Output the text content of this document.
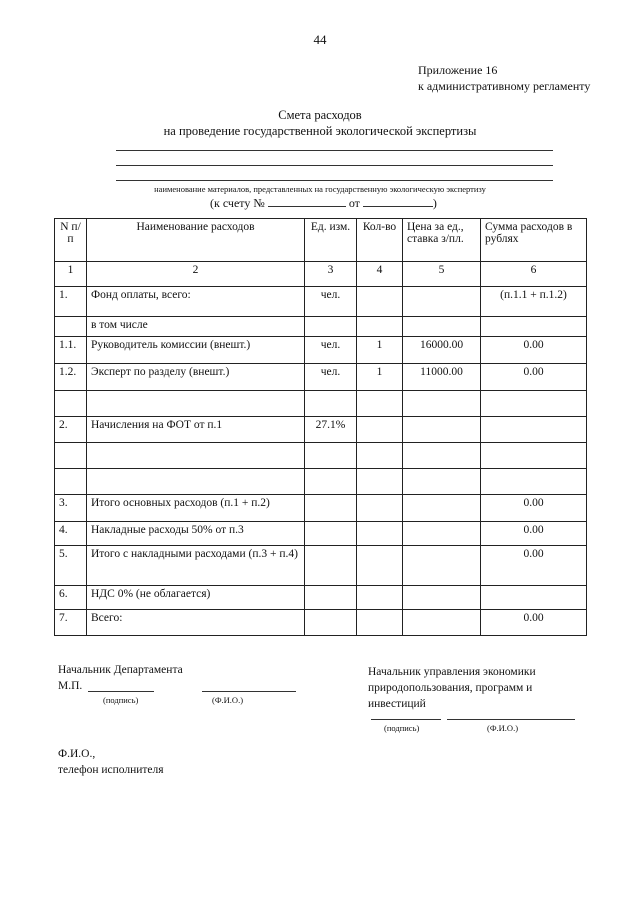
44
Приложение 16
к административному регламенту
Смета расходов
на проведение государственной экологической экспертизы
наименование материалов, представленных на государственную экологическую экспертизу
(к счету №	от	)
N п/п	Наименование расходов	Ед. изм.	Кол-во	Цена за ед., ставка з/пл.	Сумма расходов в рублях
1	2	3	4	5	6
1.	Фонд оплаты, всего:	чел.			(п.1.1 + п.1.2)
	в том числе				
1.1.	Руководитель комиссии (внешт.)	чел.	1	16000.00	0.00
1.2.	Эксперт по разделу (внешт.)	чел.	1	11000.00	0.00

2.	Начисления на ФОТ от п.1	27.1%			

3.	Итого основных расходов (п.1 + п.2)				0.00
4.	Накладные расходы 50% от п.3				0.00
5.	Итого с накладными расходами (п.3 + п.4)				0.00
6.	НДС 0% (не облагается)				
7.	Всего:				0.00
Начальник Департамента
М.П.
(подпись)	(Ф.И.О.)
Начальник управления экономики
природопользования, программ и
инвестиций
(подпись)	(Ф.И.О.)
Ф.И.О.,
телефон исполнителя
